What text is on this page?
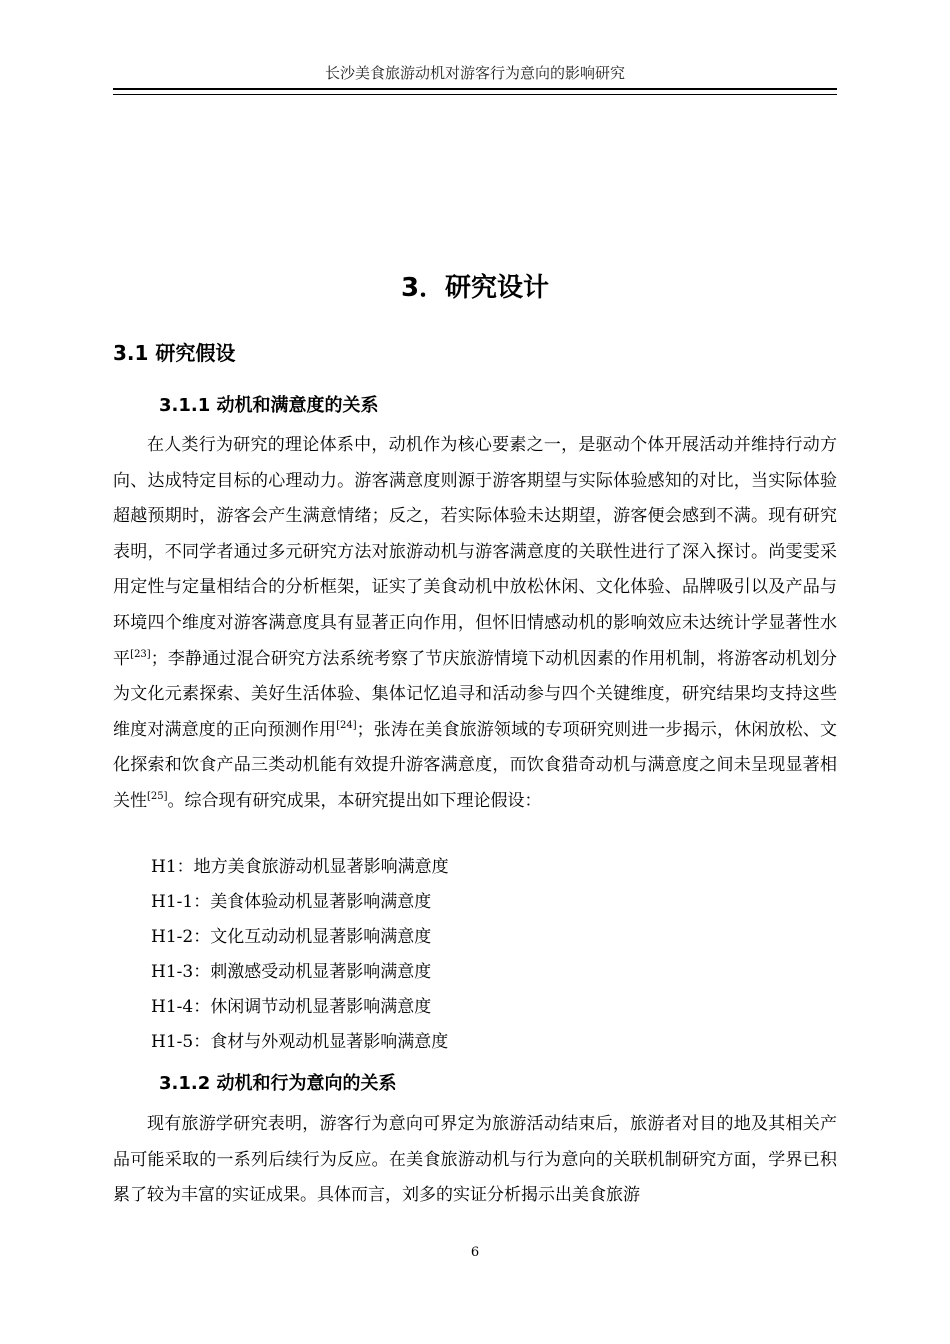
长沙美食旅游动机对游客行为意向的影响研究
3．研究设计
3.1 研究假设
3.1.1 动机和满意度的关系

在人类行为研究的理论体系中，动机作为核心要素之一，是驱动个体开展活动并维持行动方向、达成特定目标的心理动力。游客满意度则源于游客期望与实际体验感知的对比，当实际体验超越预期时，游客会产生满意情绪；反之，若实际体验未达期望，游客便会感到不满。现有研究表明，不同学者通过多元研究方法对旅游动机与游客满意度的关联性进行了深入探讨。尚雯雯采用定性与定量相结合的分析框架，证实了美食动机中放松休闲、文化体验、品牌吸引以及产品与环境四个维度对游客满意度具有显著正向作用，但怀旧情感动机的影响效应未达统计学显著性水平[23]；李静通过混合研究方法系统考察了节庆旅游情境下动机因素的作用机制，将游客动机划分为文化元素探索、美好生活体验、集体记忆追寻和活动参与四个关键维度，研究结果均支持这些维度对满意度的正向预测作用[24]；张涛在美食旅游领域的专项研究则进一步揭示，休闲放松、文化探索和饮食产品三类动机能有效提升游客满意度，而饮食猎奇动机与满意度之间未呈现显著相关性[25]。综合现有研究成果，本研究提出如下理论假设：

H1：地方美食旅游动机显著影响满意度
H1-1：美食体验动机显著影响满意度
H1-2：文化互动动机显著影响满意度
H1-3：刺激感受动机显著影响满意度
H1-4：休闲调节动机显著影响满意度
H1-5：食材与外观动机显著影响满意度
3.1.2 动机和行为意向的关系

现有旅游学研究表明，游客行为意向可界定为旅游活动结束后，旅游者对目的地及其相关产品可能采取的一系列后续行为反应。在美食旅游动机与行为意向的关联机制研究方面，学界已积累了较为丰富的实证成果。具体而言，刘多的实证分析揭示出美食旅游

6
